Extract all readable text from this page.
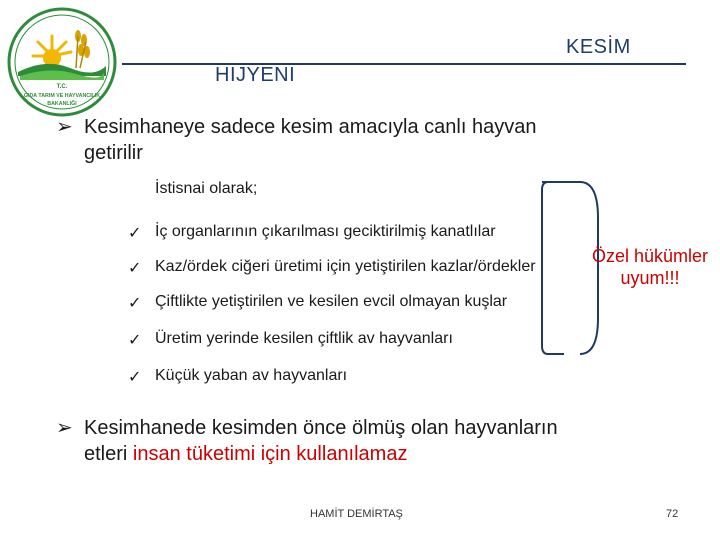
T.C.
GIDA TARIM VE HAYVANCILIK
BAKANLIĞI
KESİM
HİJYENİ
➢ Kesimhaneye sadece kesim amacıyla canlı hayvan
getirilir
İstisnai olarak;
✓ İç organlarının çıkarılması geciktirilmiş kanatlılar
✓ Kaz/ördek ciğeri üretimi için yetiştirilen kazlar/ördekler
✓ Çiftlikte yetiştirilen ve kesilen evcil olmayan kuşlar
✓ Üretim yerinde kesilen çiftlik av hayvanları
✓ Küçük yaban av hayvanları
Özel hükümler
uyum!!!
➢ Kesimhanede kesimden önce ölmüş olan hayvanların
etleri insan tüketimi için kullanılamaz
HAMİT DEMİRTAŞ	72
